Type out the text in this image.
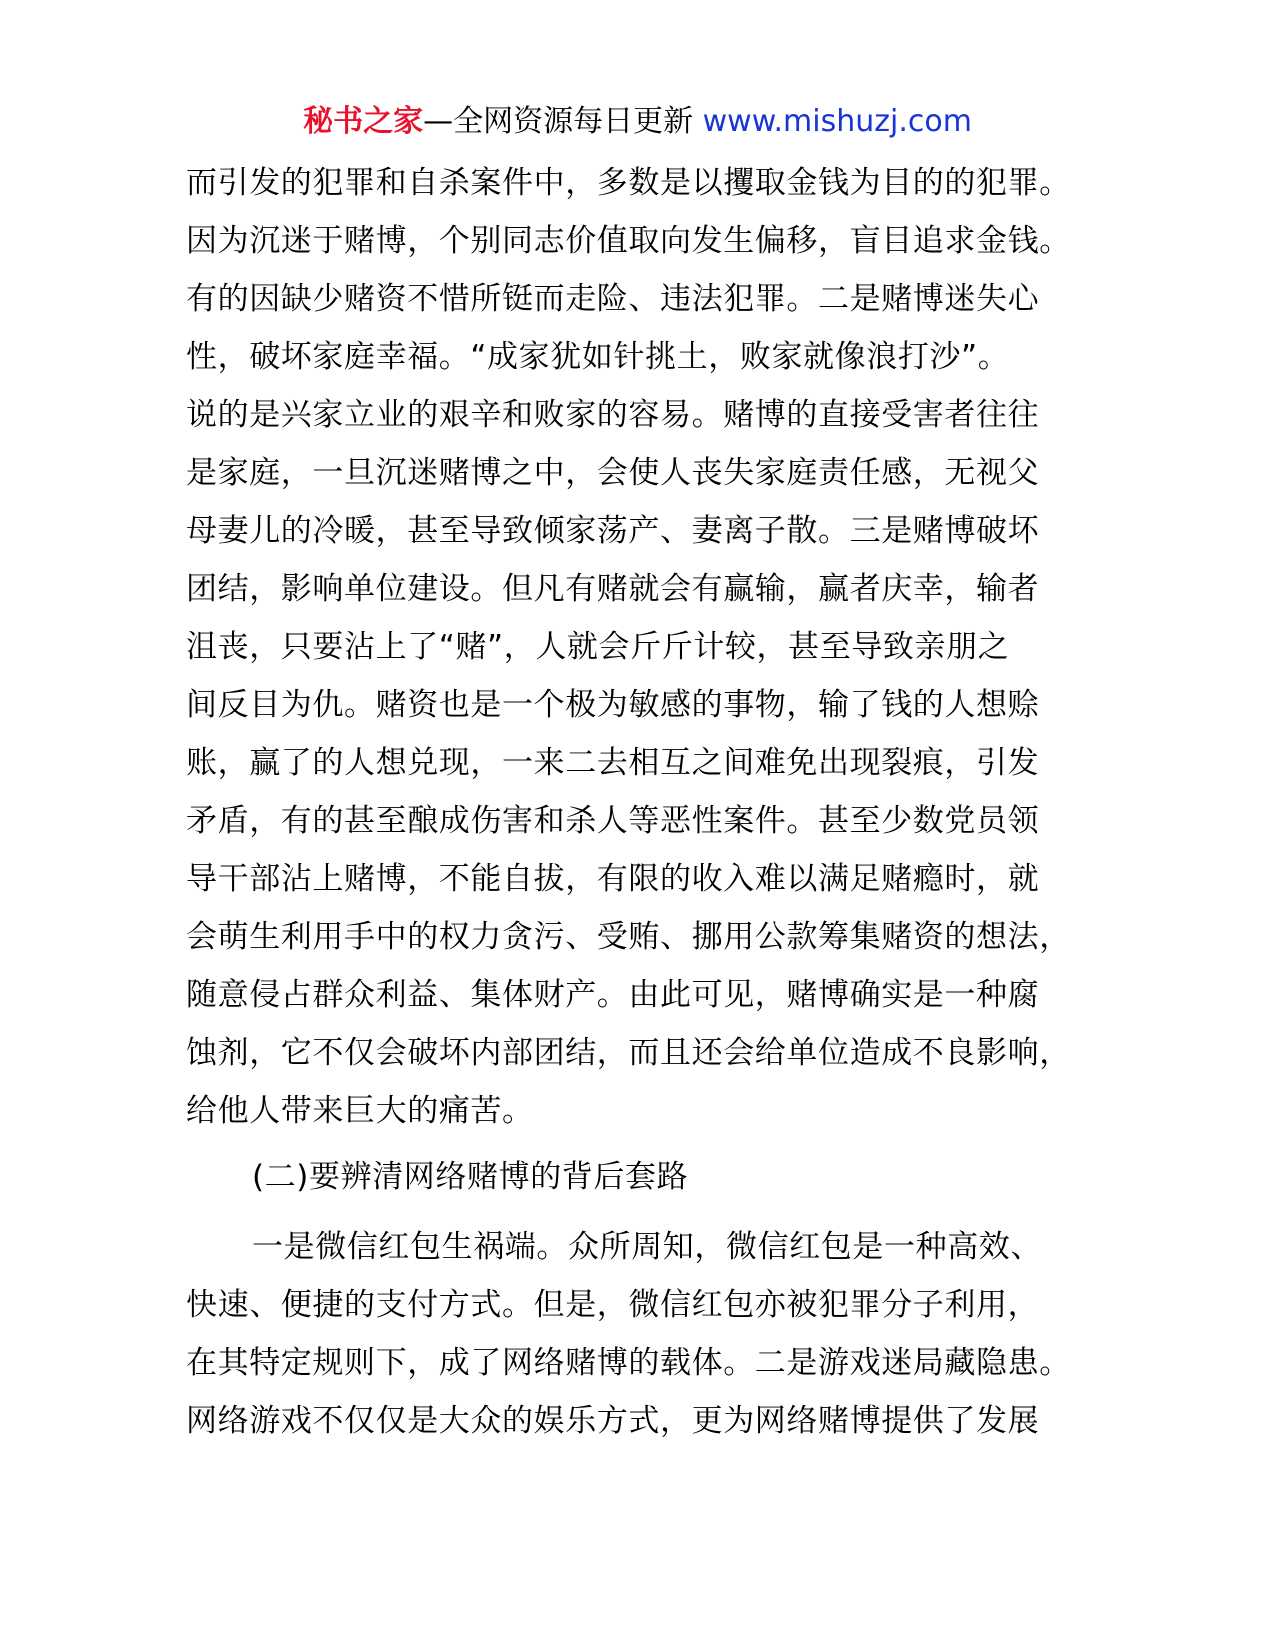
秘书之家—全网资源每日更新 www.mishuzj.com
而引发的犯罪和自杀案件中，多数是以攫取金钱为目的的犯罪。
因为沉迷于赌博，个别同志价值取向发生偏移，盲目追求金钱。
有的因缺少赌资不惜所铤而走险、违法犯罪。二是赌博迷失心
性，破坏家庭幸福。“成家犹如针挑土，败家就像浪打沙”。
说的是兴家立业的艰辛和败家的容易。赌博的直接受害者往往
是家庭，一旦沉迷赌博之中，会使人丧失家庭责任感，无视父
母妻儿的冷暖，甚至导致倾家荡产、妻离子散。三是赌博破坏
团结，影响单位建设。但凡有赌就会有赢输，赢者庆幸，输者
沮丧，只要沾上了“赌”，人就会斤斤计较，甚至导致亲朋之
间反目为仇。赌资也是一个极为敏感的事物，输了钱的人想赊
账，赢了的人想兑现，一来二去相互之间难免出现裂痕，引发
矛盾，有的甚至酿成伤害和杀人等恶性案件。甚至少数党员领
导干部沾上赌博，不能自拔，有限的收入难以满足赌瘾时，就
会萌生利用手中的权力贪污、受贿、挪用公款筹集赌资的想法，
随意侵占群众利益、集体财产。由此可见，赌博确实是一种腐
蚀剂，它不仅会破坏内部团结，而且还会给单位造成不良影响，
给他人带来巨大的痛苦。
(二)要辨清网络赌博的背后套路
一是微信红包生祸端。众所周知，微信红包是一种高效、
快速、便捷的支付方式。但是，微信红包亦被犯罪分子利用，
在其特定规则下，成了网络赌博的载体。二是游戏迷局藏隐患。
网络游戏不仅仅是大众的娱乐方式，更为网络赌博提供了发展
